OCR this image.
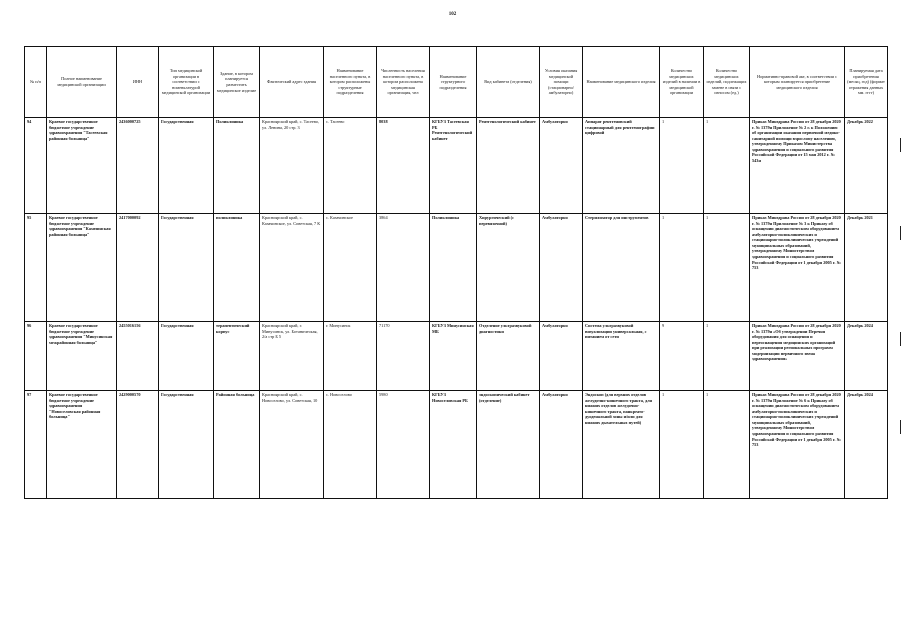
102
№ п/п	Полное наименование медицинской организации	ИНН	Тип медицинской организации в соответствии с номенклатурой медицинской организации	Здание, в котором планируется разместить медицинское изделие	Фактический адрес здания	Наименование населенного пункта, в котором расположены структурные подразделения	Численность населения населенного пункта, в котором расположена медицинская организация, чел	Наименование структурного подразделения	Вид кабинета (отделения)	Условия оказания медицинской помощи (стационарно/амбулаторно)	Наименование медицинского изделия	Количество медицинских изделий в наличии в медицинской организации	Количество медицинских изделий, подлежащих замене в связи с износом (ед.)	Нормативно-правовой акт, в соответствии с которым планируется приобретение медицинского изделия	Планируемая дата приобретения (месяц, год) (формат отражения данных мм. гггг)
94	Краевое государственное бюджетное учреждение здравоохранения "Тасеевская районная больница"	2436000725	Государственная	Поликлиника	Красноярский край, с. Тасеево, ул. Ленина, 20 стр. 3	с. Тасеево	8038	КГБУЗ Тасеевская РБ Рентгенологический кабинет	Рентгенологический кабинет	Амбулаторно	Аппарат рентгеновский стационарный для рентгенографии цифровой	1	1	Приказ Минздрава России от 28 декабря 2020 г. № 1379н Приложение № 2 г. к Положению об организации оказания первичной медико-санитарной помощи взрослому населению, утвержденному Приказом Министерства здравоохранения и социального развития Российской Федерации от 15 мая 2012 г. № 543н	Декабрь 2022
95	Краевое государственное бюджетное учреждение здравоохранения "Казачинская районная больница"	2417000092	Государственная	поликлиника	Красноярский край, с. Казачинское, ул. Советская, 7 К	с. Казачинское	3864	Поликлиника	Хирургический (с перевязочной)	Амбулаторно	Стерилизатор для инструментов	1	1	Приказ Минздрава России от 28 декабря 2020 г. № 1379н Приложение № 3 к Приказу об оснащении диагностическим оборудованием амбулаторно-поликлинических и стационарно-поликлинических учреждений муниципальных образований, утвержденному Министерством здравоохранения и социального развития Российской Федерации от 1 декабря 2005 г. № 753	Декабрь 2021
96	Краевое государственное бюджетное учреждение здравоохранения "Минусинская межрайонная больница"	2455016156	Государственная	терапевтический корпус	Красноярский край, г. Минусинск, ул. Ботаническая, 2/а стр Б 5	г. Минусинск	71170	КГБУЗ Минусинская МБ	Отделение ультразвуковой диагностики	Амбулаторно	Система ультразвуковой визуализации универсальная, с питанием от сети	9	1	Приказ Минздрава России от 28 декабря 2020 г. № 1379н «Об утверждении Перечня оборудования для оснащения и переоснащения медицинских организаций при реализации региональных программ модернизации первичного звена здравоохранения»	Декабрь 2024
97	Краевое государственное бюджетное учреждение здравоохранения "Новоселовская районная больница"	2429000570	Государственная	Районная больница	Красноярский край, с. Новоселово, ул. Советская, 10	с. Новоселово	5980	КГБУЗ Новоселовская РБ	эндоскопический кабинет (отделение)	Амбулаторно	Эндоскоп (для верхних отделов желудочно-кишечного тракта, для нижних отделов желудочно-кишечного тракта, панкреато-дуоденальной зоны и/или для нижних дыхательных путей)	1	1	Приказ Минздрава России от 28 декабря 2020 г. № 1379н Приложение № 6 к Приказу об оснащении диагностическим оборудованием амбулаторно-поликлинических и стационарно-поликлинических учреждений муниципальных образований, утвержденному Министерством здравоохранения и социального развития Российской Федерации от 1 декабря 2005 г. № 753	Декабрь 2024
